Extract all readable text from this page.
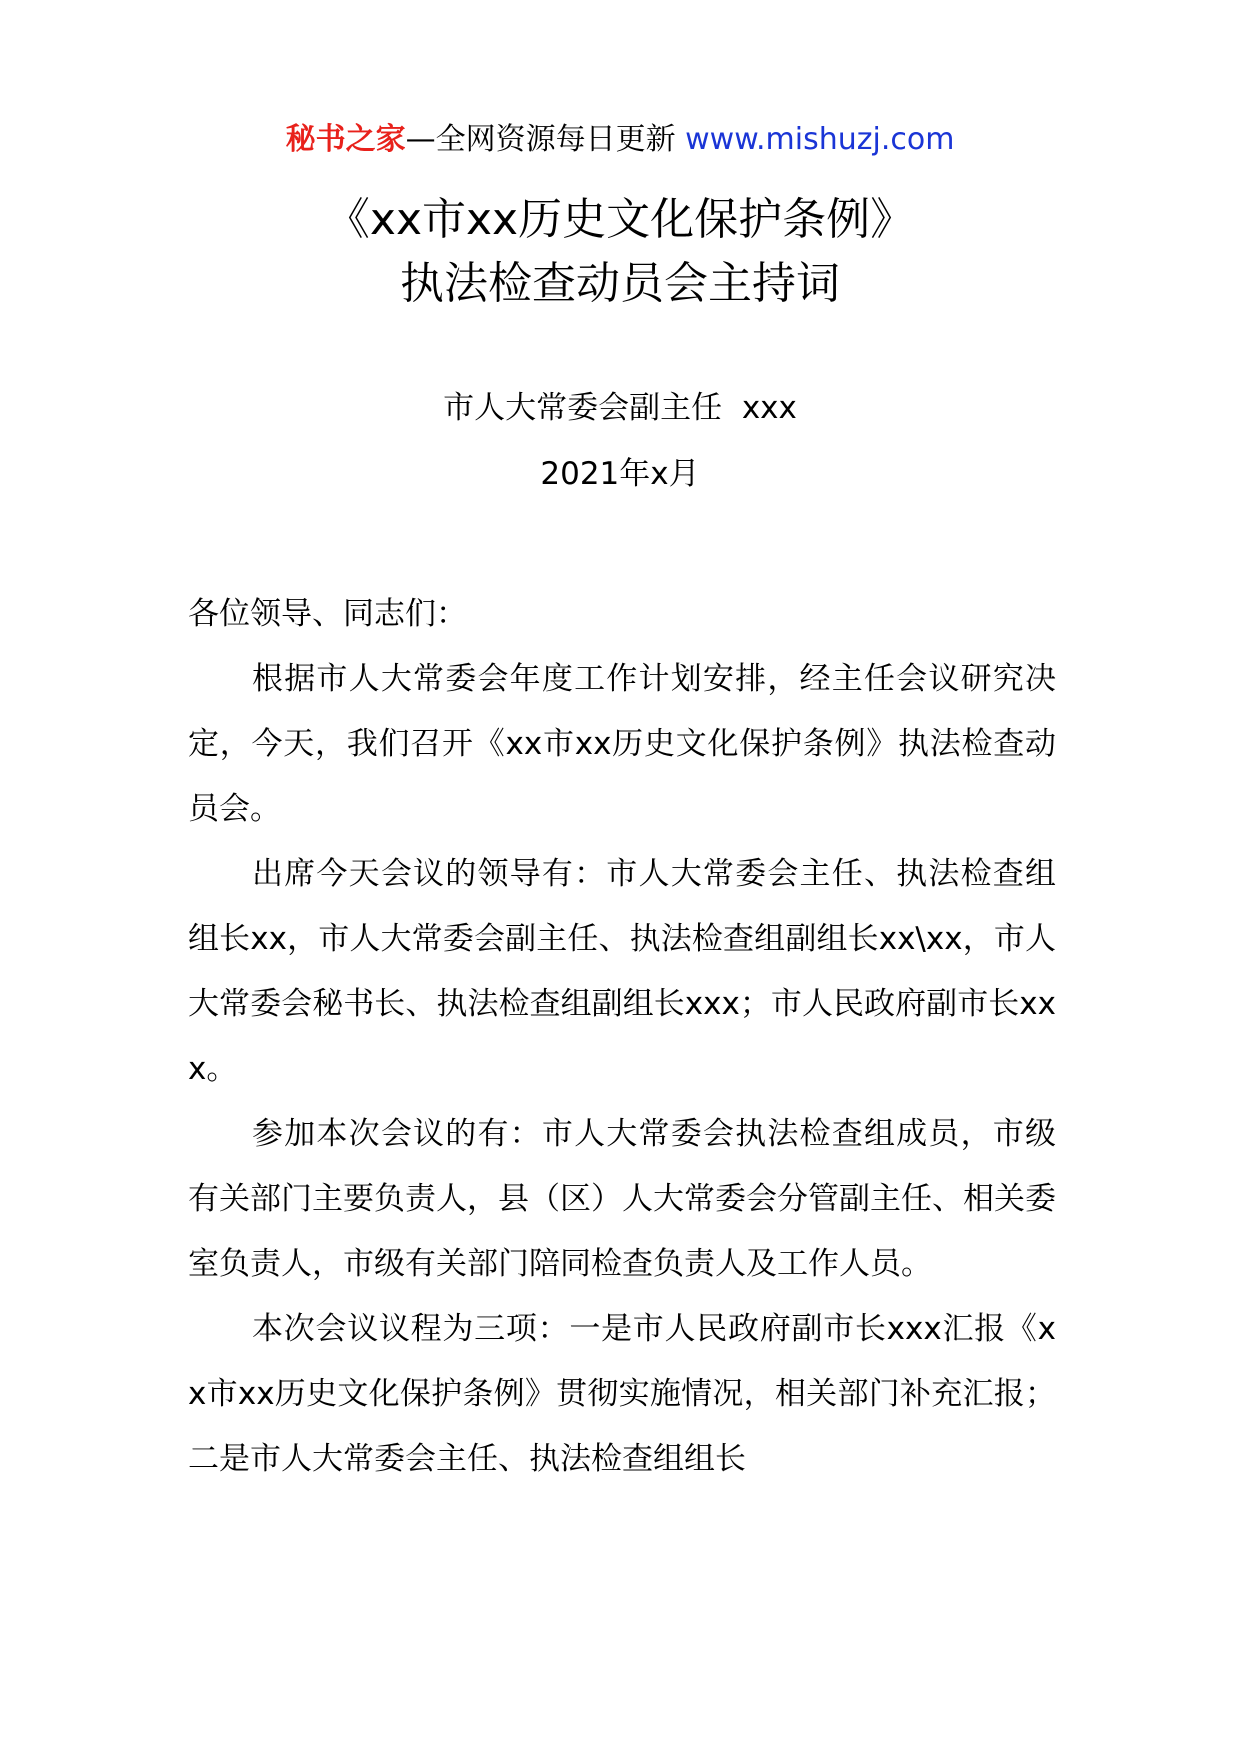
秘书之家—全网资源每日更新 www.mishuzj.com
《xx市xx历史文化保护条例》
执法检查动员会主持词
市人大常委会副主任  xxx
2021年x月

各位领导、同志们：

根据市人大常委会年度工作计划安排，经主任会议研究决定，今天，我们召开《xx市xx历史文化保护条例》执法检查动员会。

出席今天会议的领导有：市人大常委会主任、执法检查组组长xx，市人大常委会副主任、执法检查组副组长xx\xx，市人大常委会秘书长、执法检查组副组长xxx；市人民政府副市长xxx。

参加本次会议的有：市人大常委会执法检查组成员，市级有关部门主要负责人，县（区）人大常委会分管副主任、相关委室负责人，市级有关部门陪同检查负责人及工作人员。

本次会议议程为三项：一是市人民政府副市长xxx汇报《xx市xx历史文化保护条例》贯彻实施情况，相关部门补充汇报；二是市人大常委会主任、执法检查组组长
